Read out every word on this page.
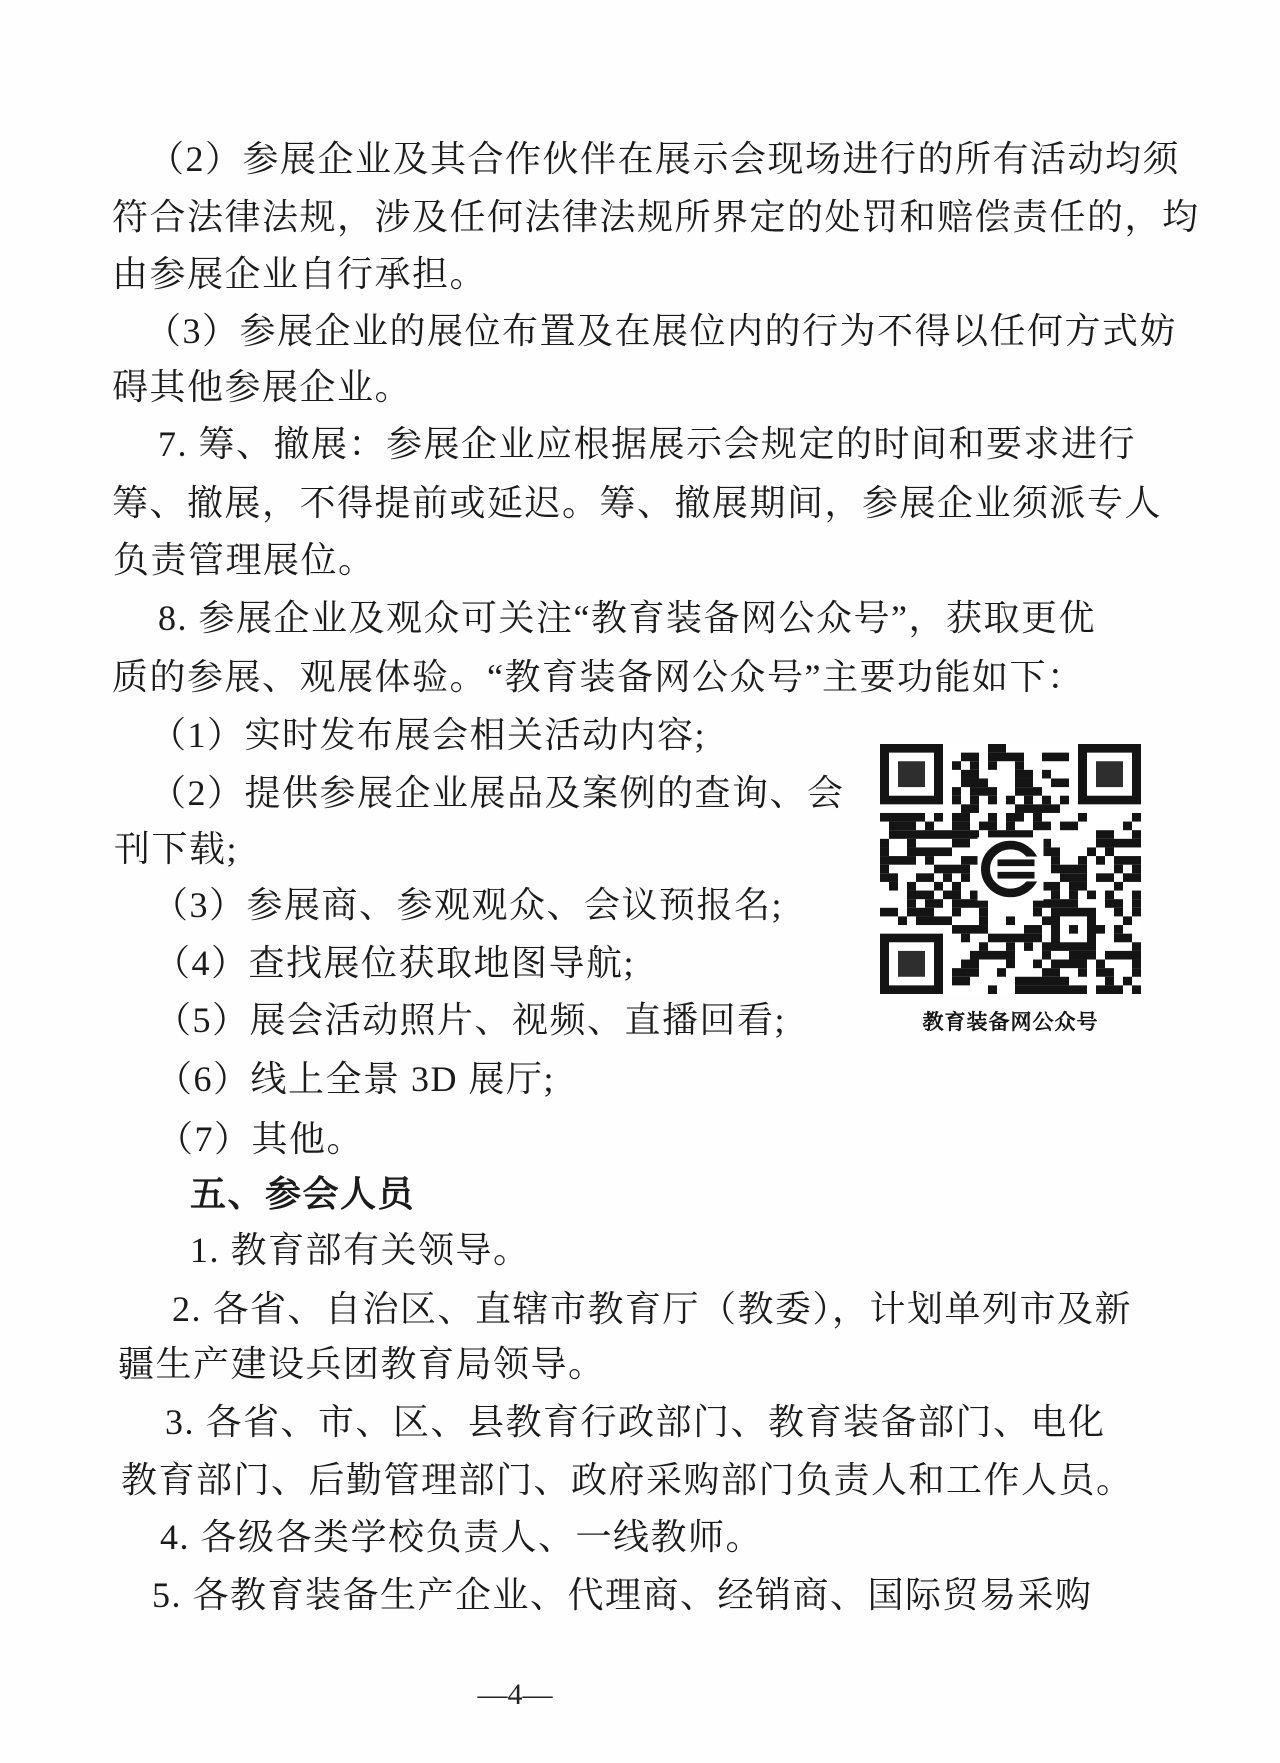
（2）参展企业及其合作伙伴在展示会现场进行的所有活动均须
符合法律法规，涉及任何法律法规所界定的处罚和赔偿责任的，均
由参展企业自行承担。
（3）参展企业的展位布置及在展位内的行为不得以任何方式妨
碍其他参展企业。
7. 筹、撤展：参展企业应根据展示会规定的时间和要求进行
筹、撤展，不得提前或延迟。筹、撤展期间，参展企业须派专人
负责管理展位。
8. 参展企业及观众可关注“教育装备网公众号”，获取更优
质的参展、观展体验。“教育装备网公众号”主要功能如下：
（1）实时发布展会相关活动内容;
（2）提供参展企业展品及案例的查询、会
刊下载;
（3）参展商、参观观众、会议预报名;
（4）查找展位获取地图导航;
（5）展会活动照片、视频、直播回看;
（6）线上全景 3D 展厅;
（7）其他。
五、参会人员
1. 教育部有关领导。
2. 各省、自治区、直辖市教育厅（教委），计划单列市及新
疆生产建设兵团教育局领导。
3. 各省、市、区、县教育行政部门、教育装备部门、电化
教育部门、后勤管理部门、政府采购部门负责人和工作人员。
4. 各级各类学校负责人、一线教师。
5. 各教育装备生产企业、代理商、经销商、国际贸易采购
教育装备网公众号
—4—
